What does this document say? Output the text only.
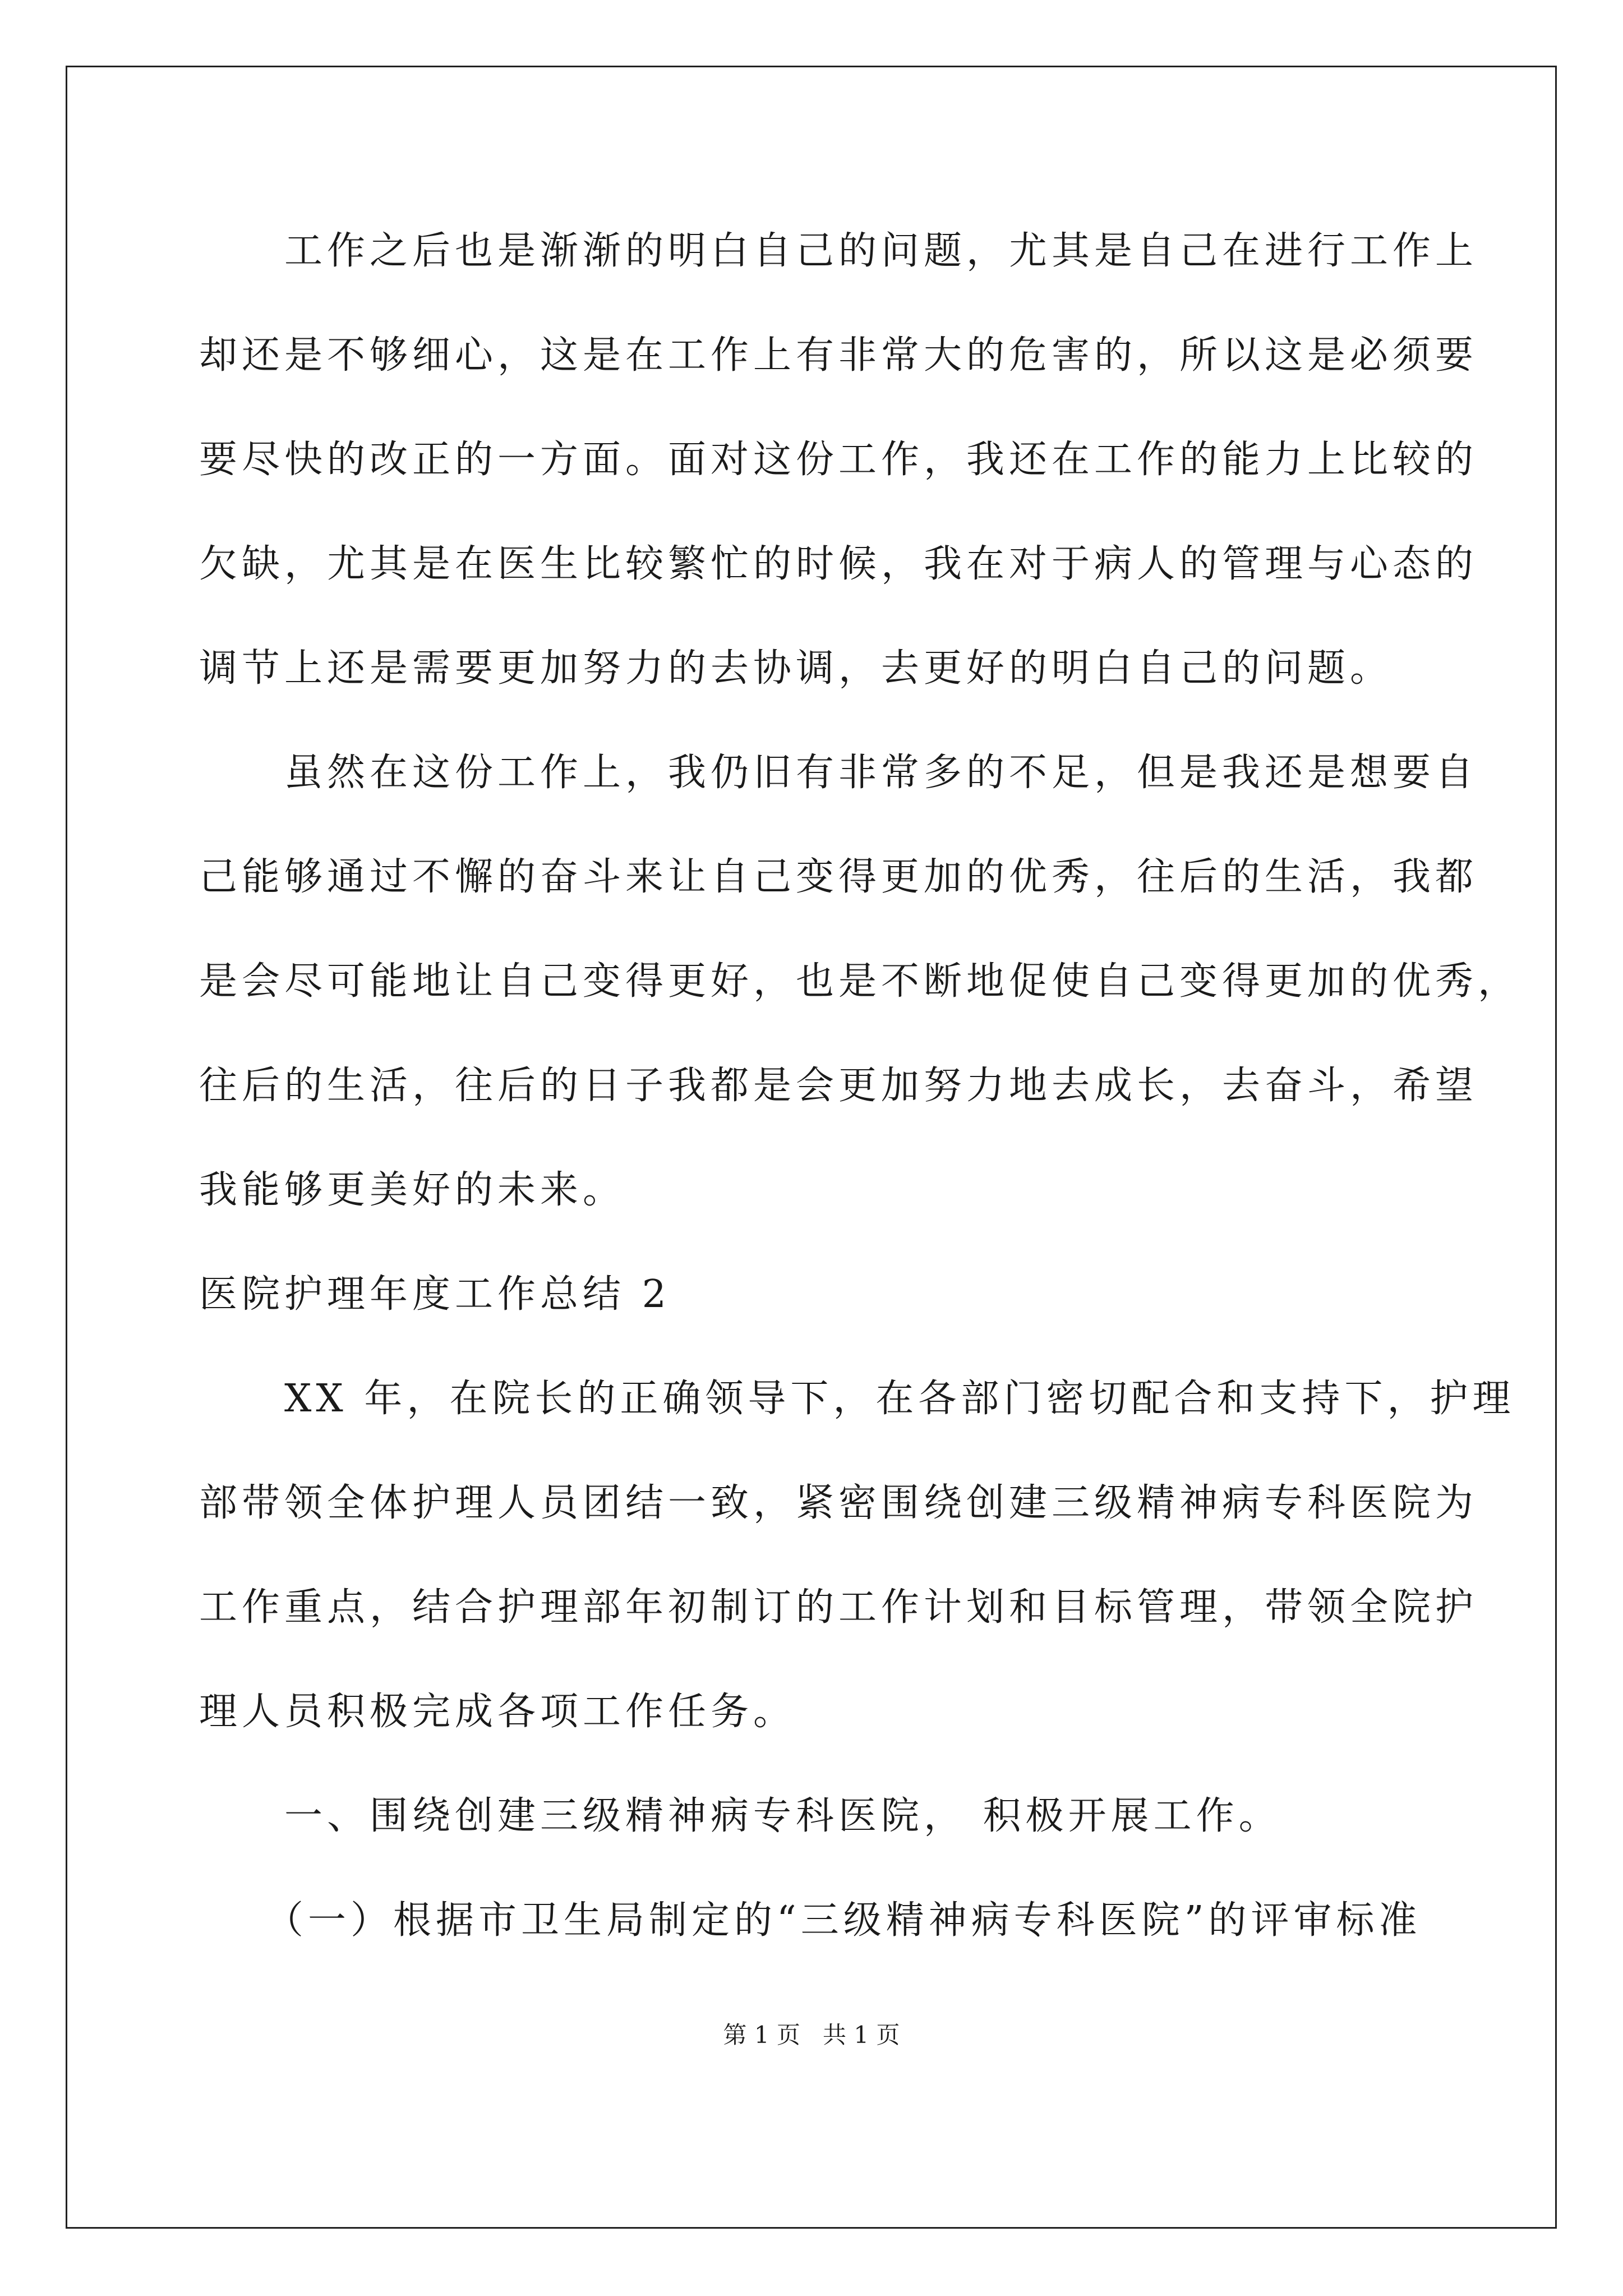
　　工作之后也是渐渐的明白自己的问题，尤其是自己在进行工作上
却还是不够细心，这是在工作上有非常大的危害的，所以这是必须要
要尽快的改正的一方面。面对这份工作，我还在工作的能力上比较的
欠缺，尤其是在医生比较繁忙的时候，我在对于病人的管理与心态的
调节上还是需要更加努力的去协调，去更好的明白自己的问题。
　　虽然在这份工作上，我仍旧有非常多的不足，但是我还是想要自
己能够通过不懈的奋斗来让自己变得更加的优秀，往后的生活，我都
是会尽可能地让自己变得更好，也是不断地促使自己变得更加的优秀，
往后的生活，往后的日子我都是会更加努力地去成长，去奋斗，希望
我能够更美好的未来。
医院护理年度工作总结 2
　　XX 年，在院长的正确领导下，在各部门密切配合和支持下，护理
部带领全体护理人员团结一致，紧密围绕创建三级精神病专科医院为
工作重点，结合护理部年初制订的工作计划和目标管理，带领全院护
理人员积极完成各项工作任务。
　　一、围绕创建三级精神病专科医院， 积极开展工作。
　　（一）根据市卫生局制定的“三级精神病专科医院”的评审标准
第 1 页   共 1 页
